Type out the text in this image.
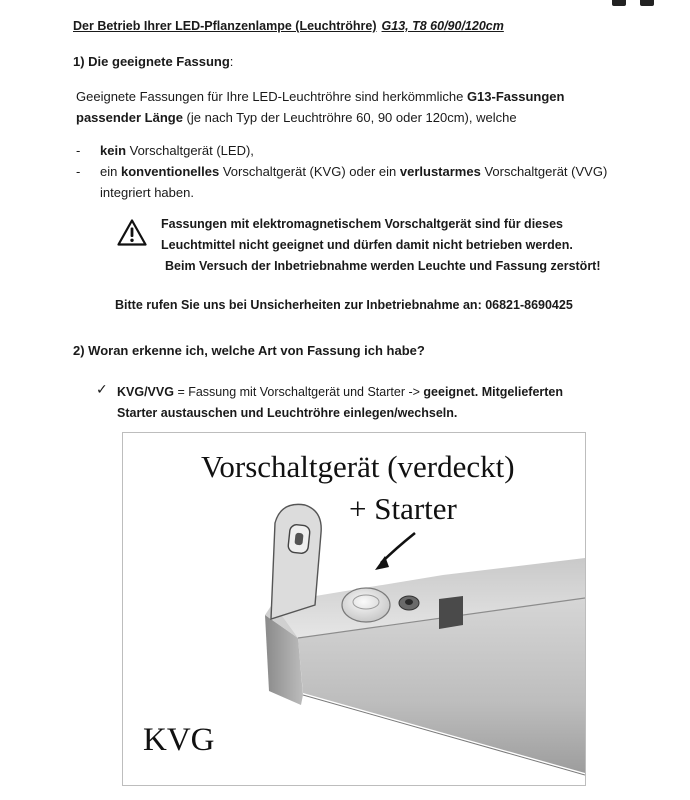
Der Betrieb Ihrer LED-Pflanzenlampe (Leuchtröhre) G13, T8 60/90/120cm
1) Die geeignete Fassung:
Geeignete Fassungen für Ihre LED-Leuchtröhre sind herkömmliche G13-Fassungen
passender Länge (je nach Typ der Leuchtröhre 60, 90 oder 120cm), welche
- kein Vorschaltgerät (LED),
- ein konventionelles Vorschaltgerät (KVG) oder ein verlustarmes Vorschaltgerät (VVG)
integriert haben.
Fassungen mit elektromagnetischem Vorschaltgerät sind für dieses
Leuchtmittel nicht geeignet und dürfen damit nicht betrieben werden.
Beim Versuch der Inbetriebnahme werden Leuchte und Fassung zerstört!
Bitte rufen Sie uns bei Unsicherheiten zur Inbetriebnahme an: 06821-8690425
2) Woran erkenne ich, welche Art von Fassung ich habe?
✓ KVG/VVG = Fassung mit Vorschaltgerät und Starter -> geeignet. Mitgelieferten
Starter austauschen und Leuchtröhre einlegen/wechseln.
Vorschaltgerät (verdeckt)
+ Starter
KVG
